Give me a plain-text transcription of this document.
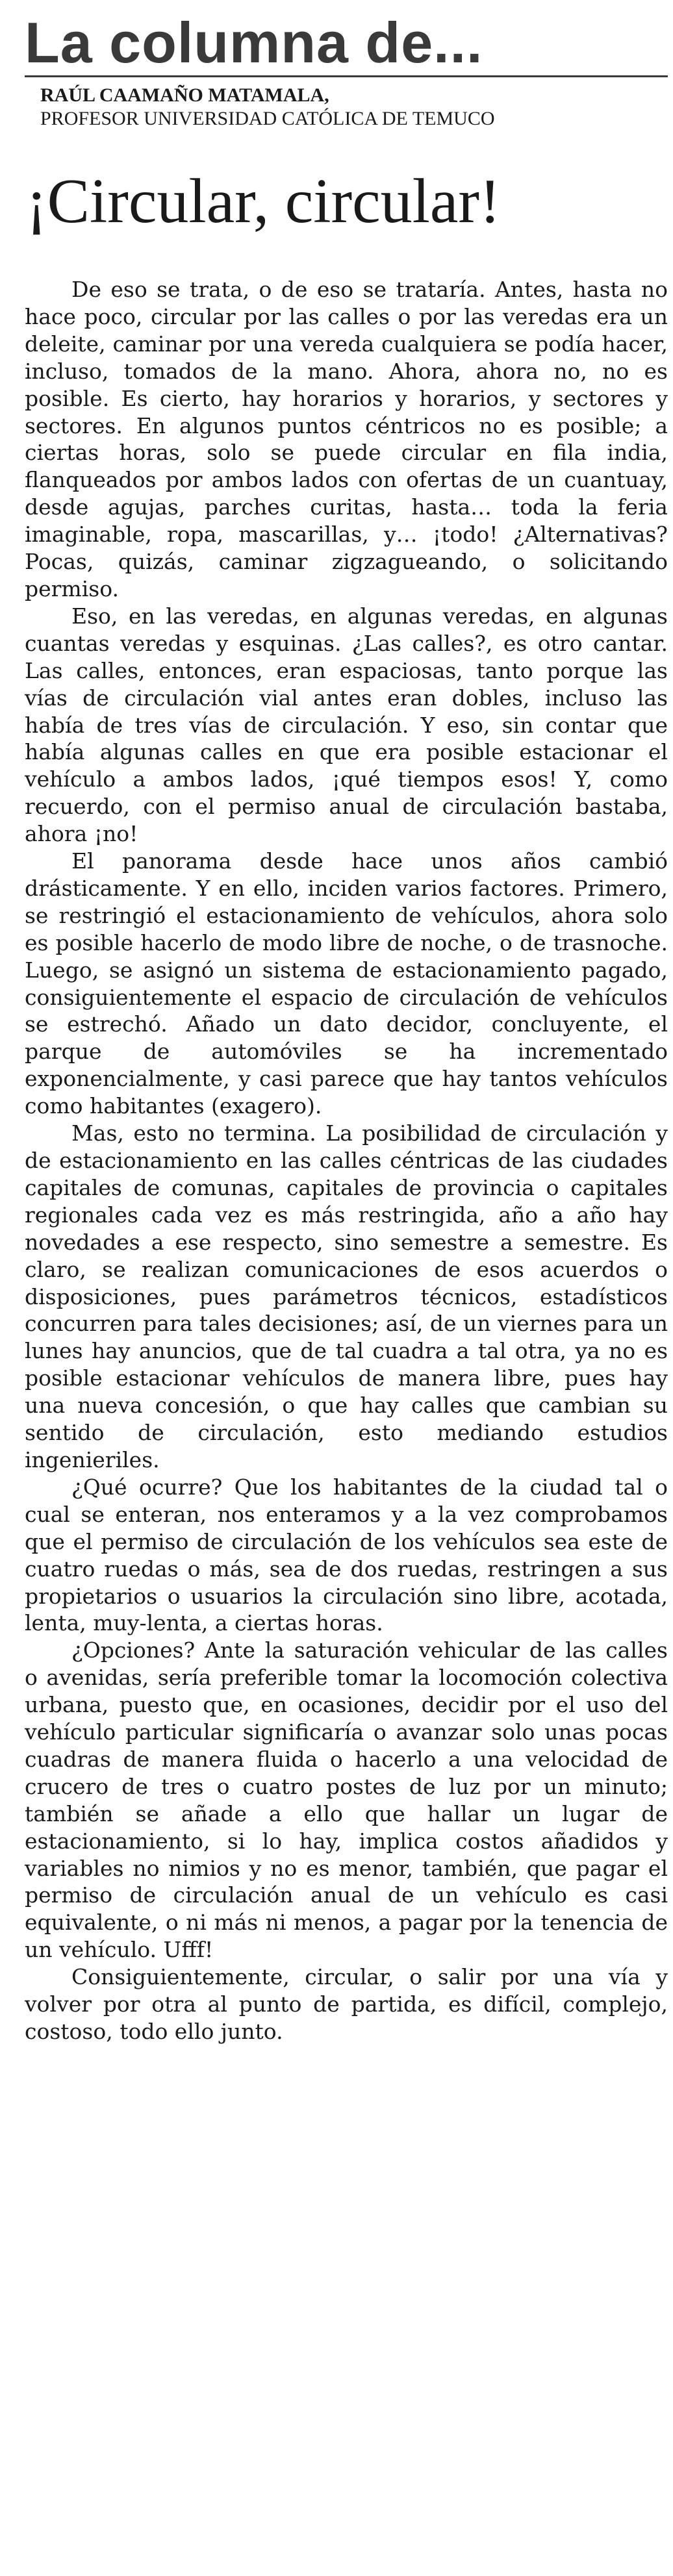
La columna de...
RAÚL CAAMAÑO MATAMALA,
PROFESOR UNIVERSIDAD CATÓLICA DE TEMUCO
¡Circular, circular!

De eso se trata, o de eso se trataría. Antes, hasta no hace poco, circular por las calles o por las veredas era un deleite, caminar por una vereda cualquiera se podía hacer, incluso, tomados de la mano. Ahora, ahora no, no es posible. Es cierto, hay horarios y horarios, y sectores y sectores. En algunos puntos céntricos no es posible; a ciertas horas, solo se puede circular en fila india, flanqueados por ambos lados con ofertas de un cuantuay, desde agujas, parches curitas, hasta… toda la feria imaginable, ropa, mascarillas, y… ¡todo! ¿Alternativas? Pocas, quizás, caminar zigzagueando, o solicitando permiso.

Eso, en las veredas, en algunas veredas, en algunas cuantas veredas y esquinas. ¿Las calles?, es otro cantar. Las calles, entonces, eran espaciosas, tanto porque las vías de circulación vial antes eran dobles, incluso las había de tres vías de circulación. Y eso, sin contar que había algunas calles en que era posible estacionar el vehículo a ambos lados, ¡qué tiempos esos! Y, como recuerdo, con el permiso anual de circulación bastaba, ahora ¡no!

El panorama desde hace unos años cambió drásticamente. Y en ello, inciden varios factores. Primero, se restringió el estacionamiento de vehículos, ahora solo es posible hacerlo de modo libre de noche, o de trasnoche. Luego, se asignó un sistema de estacionamiento pagado, consiguientemente el espacio de circulación de vehículos se estrechó. Añado un dato decidor, concluyente, el parque de automóviles se ha incrementado exponencialmente, y casi parece que hay tantos vehículos como habitantes (exagero).

Mas, esto no termina. La posibilidad de circulación y de estacionamiento en las calles céntricas de las ciudades capitales de comunas, capitales de provincia o capitales regionales cada vez es más restringida, año a año hay novedades a ese respecto, sino semestre a semestre. Es claro, se realizan comunicaciones de esos acuerdos o disposiciones, pues parámetros técnicos, estadísticos concurren para tales decisiones; así, de un viernes para un lunes hay anuncios, que de tal cuadra a tal otra, ya no es posible estacionar vehículos de manera libre, pues hay una nueva concesión, o que hay calles que cambian su sentido de circulación, esto mediando estudios ingenieriles.

¿Qué ocurre? Que los habitantes de la ciudad tal o cual se enteran, nos enteramos y a la vez comprobamos que el permiso de circulación de los vehículos sea este de cuatro ruedas o más, sea de dos ruedas, restringen a sus propietarios o usuarios la circulación sino libre, acotada, lenta, muy-lenta, a ciertas horas.

¿Opciones? Ante la saturación vehicular de las calles o avenidas, sería preferible tomar la locomoción colectiva urbana, puesto que, en ocasiones, decidir por el uso del vehículo particular significaría o avanzar solo unas pocas cuadras de manera fluida o hacerlo a una velocidad de crucero de tres o cuatro postes de luz por un minuto; también se añade a ello que hallar un lugar de estacionamiento, si lo hay, implica costos añadidos y variables no nimios y no es menor, también, que pagar el permiso de circulación anual de un vehículo es casi equivalente, o ni más ni menos, a pagar por la tenencia de un vehículo. Ufff!

Consiguientemente, circular, o salir por una vía y volver por otra al punto de partida, es difícil, complejo, costoso, todo ello junto.
